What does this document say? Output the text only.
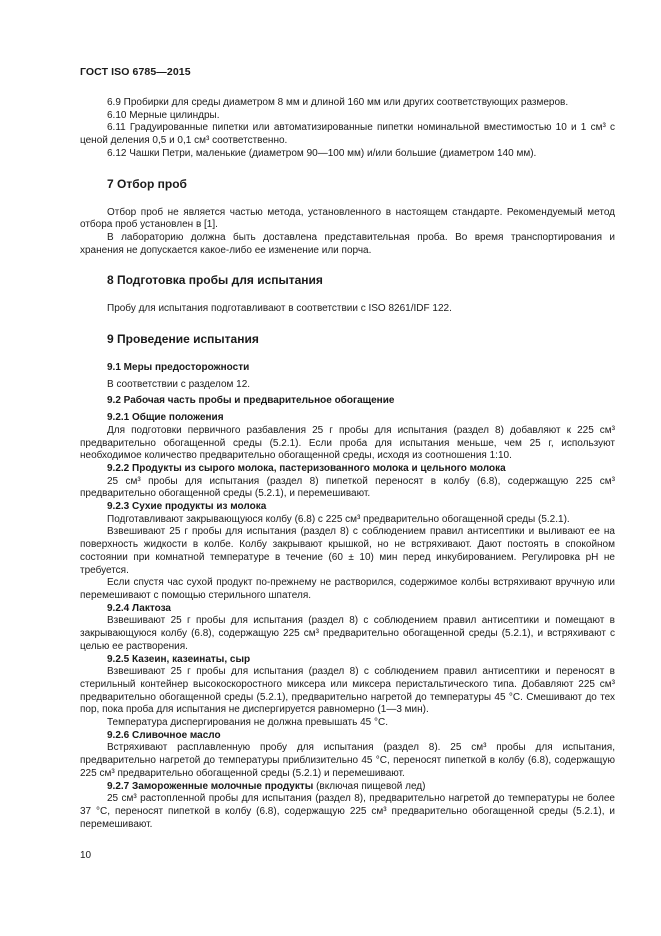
ГОСТ ISO 6785—2015

6.9 Пробирки для среды диаметром 8 мм и длиной 160 мм или других соответствующих размеров.

6.10 Мерные цилиндры.

6.11 Градуированные пипетки или автоматизированные пипетки номинальной вместимостью 10 и 1 см³ с ценой деления 0,5 и 0,1 см³ соответственно.

6.12 Чашки Петри, маленькие (диаметром 90—100 мм) и/или большие (диаметром 140 мм).

7 Отбор проб

Отбор проб не является частью метода, установленного в настоящем стандарте. Рекомендуемый метод отбора проб установлен в [1].

В лабораторию должна быть доставлена представительная проба. Во время транспортирования и хранения не допускается какое-либо ее изменение или порча.

8 Подготовка пробы для испытания

Пробу для испытания подготавливают в соответствии с ISO 8261/IDF 122.

9 Проведение испытания

9.1 Меры предосторожности

В соответствии с разделом 12.

9.2 Рабочая часть пробы и предварительное обогащение

9.2.1 Общие положения

Для подготовки первичного разбавления 25 г пробы для испытания (раздел 8) добавляют к 225 см³ предварительно обогащенной среды (5.2.1). Если проба для испытания меньше, чем 25 г, используют необходимое количество предварительно обогащенной среды, исходя из соотношения 1:10.

9.2.2 Продукты из сырого молока, пастеризованного молока и цельного молока

25 см³ пробы для испытания (раздел 8) пипеткой переносят в колбу (6.8), содержащую 225 см³ предварительно обогащенной среды (5.2.1), и перемешивают.

9.2.3 Сухие продукты из молока

Подготавливают закрывающуюся колбу (6.8) с 225 см³ предварительно обогащенной среды (5.2.1).

Взвешивают 25 г пробы для испытания (раздел 8) с соблюдением правил антисептики и выливают ее на поверхность жидкости в колбе. Колбу закрывают крышкой, но не встряхивают. Дают постоять в спокойном состоянии при комнатной температуре в течение (60 ± 10) мин перед инкубированием. Регулировка pH не требуется.

Если спустя час сухой продукт по-прежнему не растворился, содержимое колбы встряхивают вручную или перемешивают с помощью стерильного шпателя.

9.2.4 Лактоза

Взвешивают 25 г пробы для испытания (раздел 8) с соблюдением правил антисептики и помещают в закрывающуюся колбу (6.8), содержащую 225 см³ предварительно обогащенной среды (5.2.1), и встряхивают с целью ее растворения.

9.2.5 Казеин, казеинаты, сыр

Взвешивают 25 г пробы для испытания (раздел 8) с соблюдением правил антисептики и переносят в стерильный контейнер высокоскоростного миксера или миксера перистальтического типа. Добавляют 225 см³ предварительно обогащенной среды (5.2.1), предварительно нагретой до температуры 45 °С. Смешивают до тех пор, пока проба для испытания не диспергируется равномерно (1—3 мин).

Температура диспергирования не должна превышать 45 °С.

9.2.6 Сливочное масло

Встряхивают расплавленную пробу для испытания (раздел 8). 25 см³ пробы для испытания, предварительно нагретой до температуры приблизительно 45 °С, переносят пипеткой в колбу (6.8), содержащую 225 см³ предварительно обогащенной среды (5.2.1) и перемешивают.

9.2.7 Замороженные молочные продукты (включая пищевой лед)

25 см³ растопленной пробы для испытания (раздел 8), предварительно нагретой до температуры не более 37 °С, переносят пипеткой в колбу (6.8), содержащую 225 см³ предварительно обогащенной среды (5.2.1), и перемешивают.

10
